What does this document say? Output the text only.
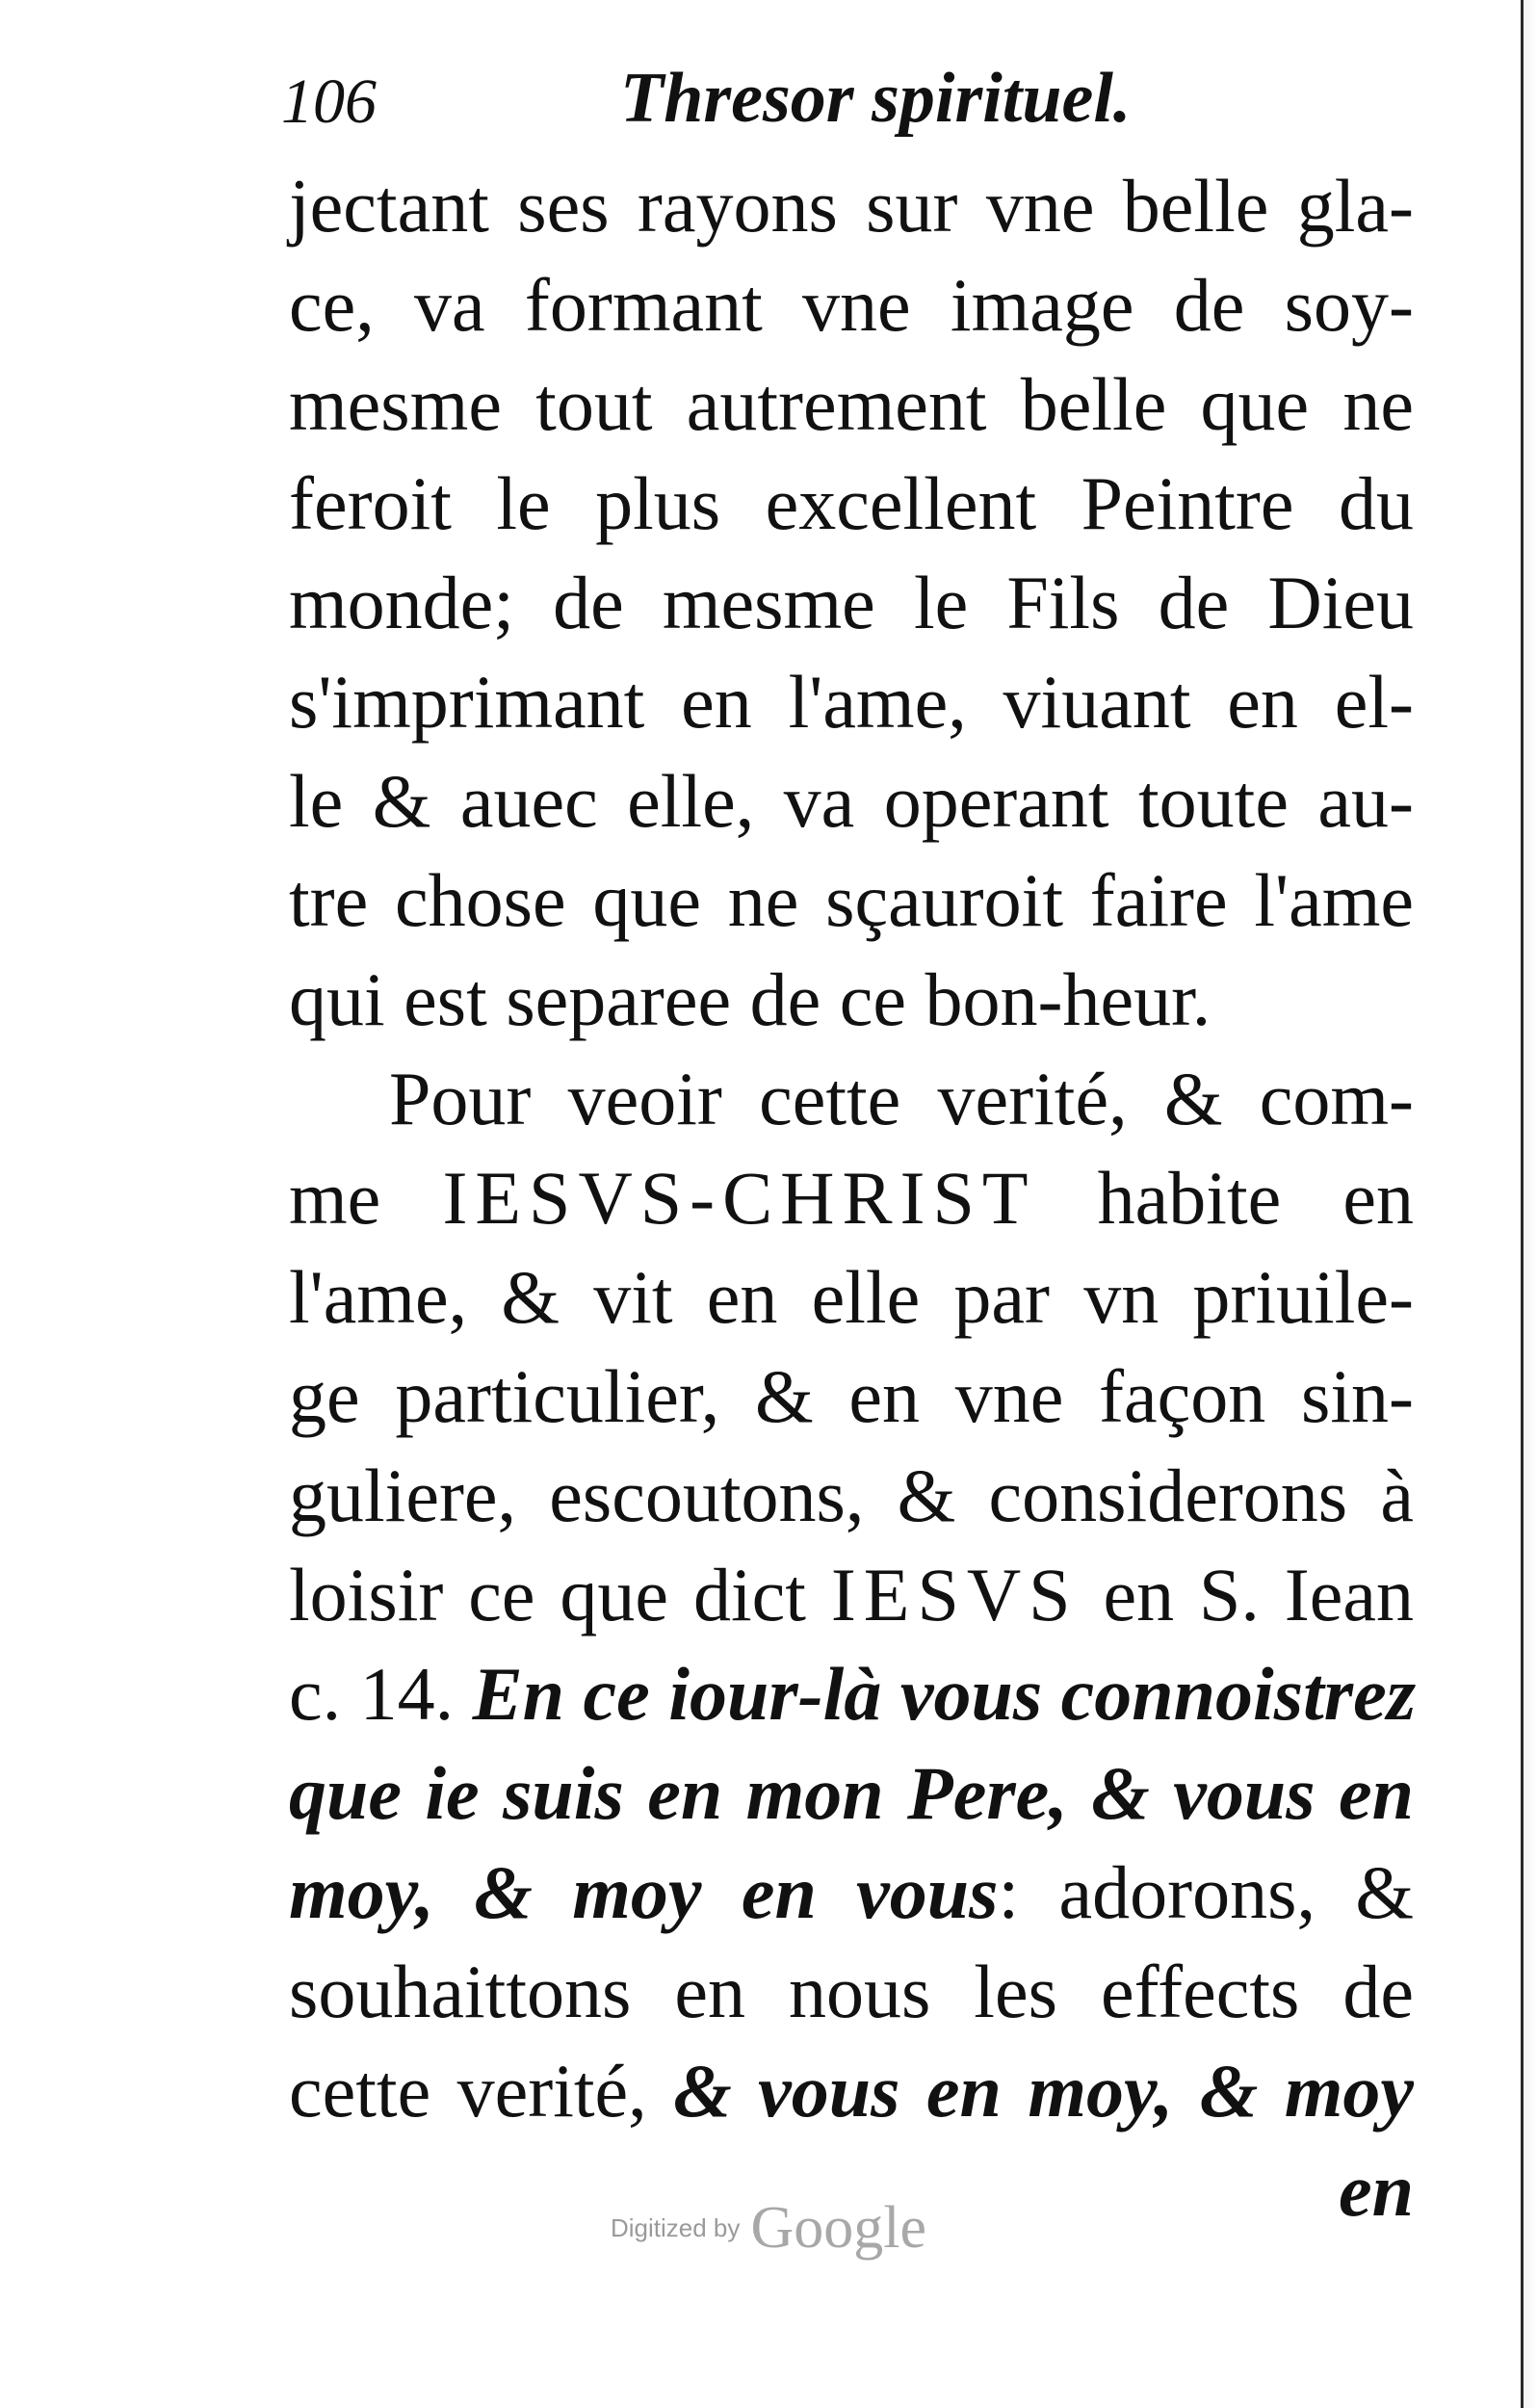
106	Thresor spirituel.
jectant ses rayons sur vne belle gla-
ce, va formant vne image de soy-
mesme tout autrement belle que ne
feroit le plus excellent Peintre du
monde; de mesme le Fils de Dieu
s'imprimant en l'ame, viuant en el-
le & auec elle, va operant toute au-
tre chose que ne sçauroit faire l'ame
qui est separee de ce bon-heur.
Pour veoir cette verité, & com-
me IESVS-CHRIST habite en
l'ame, & vit en elle par vn priuile-
ge particulier, & en vne façon sin-
guliere, escoutons, & considerons à
loisir ce que dict IESVS en S. Iean
c. 14. En ce iour-là vous connoistrez
que ie suis en mon Pere, & vous en
moy, & moy en vous: adorons, &
souhaittons en nous les effects de
cette verité, & vous en moy, & moy
en
Digitized by Google
